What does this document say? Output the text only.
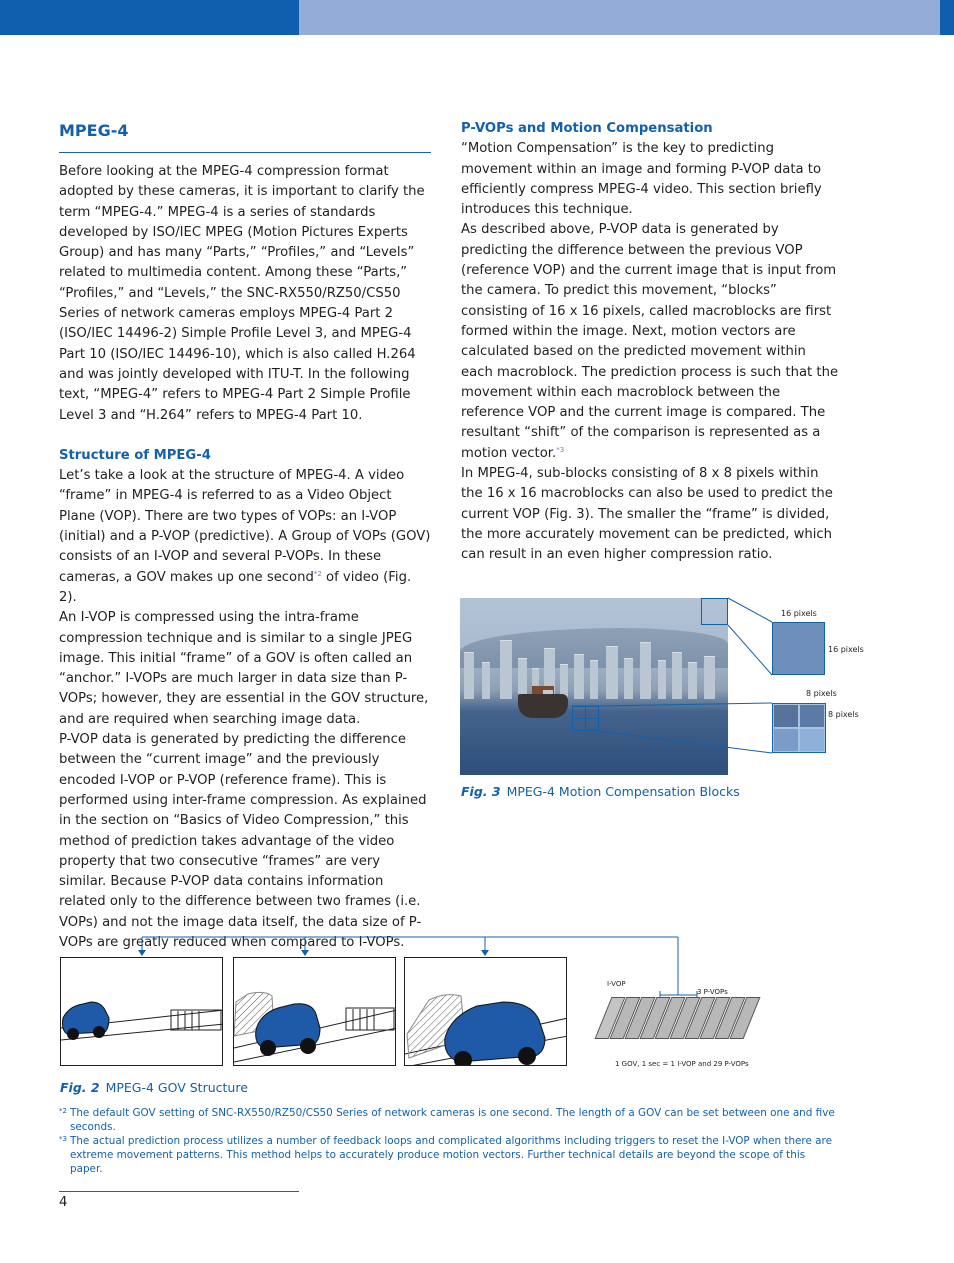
MPEG-4

Before looking at the MPEG-4 compression format adopted by these cameras, it is important to clarify the term “MPEG-4.” MPEG-4 is a series of standards developed by ISO/IEC MPEG (Motion Pictures Experts Group) and has many “Parts,” “Profiles,” and “Levels” related to multimedia content. Among these “Parts,” “Profiles,” and “Levels,” the SNC-RX550/RZ50/CS50 Series of network cameras employs MPEG-4 Part 2 (ISO/IEC 14496-2) Simple Profile Level 3, and MPEG-4 Part 10 (ISO/IEC 14496-10), which is also called H.264 and was jointly developed with ITU-T. In the following text, “MPEG-4” refers to MPEG-4 Part 2 Simple Profile Level 3 and “H.264” refers to MPEG-4 Part 10.

Structure of MPEG-4

Let’s take a look at the structure of MPEG-4. A video “frame” in MPEG-4 is referred to as a Video Object Plane (VOP). There are two types of VOPs: an I-VOP (initial) and a P-VOP (predictive). A Group of VOPs (GOV) consists of an I-VOP and several P-VOPs. In these cameras, a GOV makes up one second$^{*2}$ of video (Fig. 2).

An I-VOP is compressed using the intra-frame compression technique and is similar to a single JPEG image. This initial “frame” of a GOV is often called an “anchor.” I-VOPs are much larger in data size than P-VOPs; however, they are essential in the GOV structure, and are required when searching image data.

P-VOP data is generated by predicting the difference between the “current image” and the previously encoded I-VOP or P-VOP (reference frame). This is performed using inter-frame compression. As explained in the section on “Basics of Video Compression,” this method of prediction takes advantage of the video property that two consecutive “frames” are very similar. Because P-VOP data contains information related only to the difference between two frames (i.e. VOPs) and not the image data itself, the data size of P-VOPs are greatly reduced when compared to I-VOPs.

P-VOPs and Motion Compensation

“Motion Compensation” is the key to predicting movement within an image and forming P-VOP data to efficiently compress MPEG-4 video. This section briefly introduces this technique.

As described above, P-VOP data is generated by predicting the difference between the previous VOP (reference VOP) and the current image that is input from the camera. To predict this movement, “blocks” consisting of 16 x 16 pixels, called macroblocks are first formed within the image. Next, motion vectors are calculated based on the predicted movement within each macroblock. The prediction process is such that the movement within each macroblock between the reference VOP and the current image is compared. The resultant “shift” of the comparison is represented as a motion vector.$^{*3}$

In MPEG-4, sub-blocks consisting of 8 x 8 pixels within the 16 x 16 macroblocks can also be used to predict the current VOP (Fig. 3). The smaller the “frame” is divided, the more accurately movement can be predicted, which can result in an even higher compression ratio.

16 pixels
16 pixels
8 pixels
8 pixels
Fig. 3 MPEG-4 Motion Compensation Blocks
I-VOP
3 P-VOPs
1 GOV, 1 sec = 1 I-VOP and 29 P-VOPs
Fig. 2 MPEG-4 GOV Structure

*2 The default GOV setting of SNC-RX550/RZ50/CS50 Series of network cameras is one second. The length of a GOV can be set between one and five seconds.

*3 The actual prediction process utilizes a number of feedback loops and complicated algorithms including triggers to reset the I-VOP when there are extreme movement patterns. This method helps to accurately produce motion vectors. Further technical details are beyond the scope of this paper.

4
